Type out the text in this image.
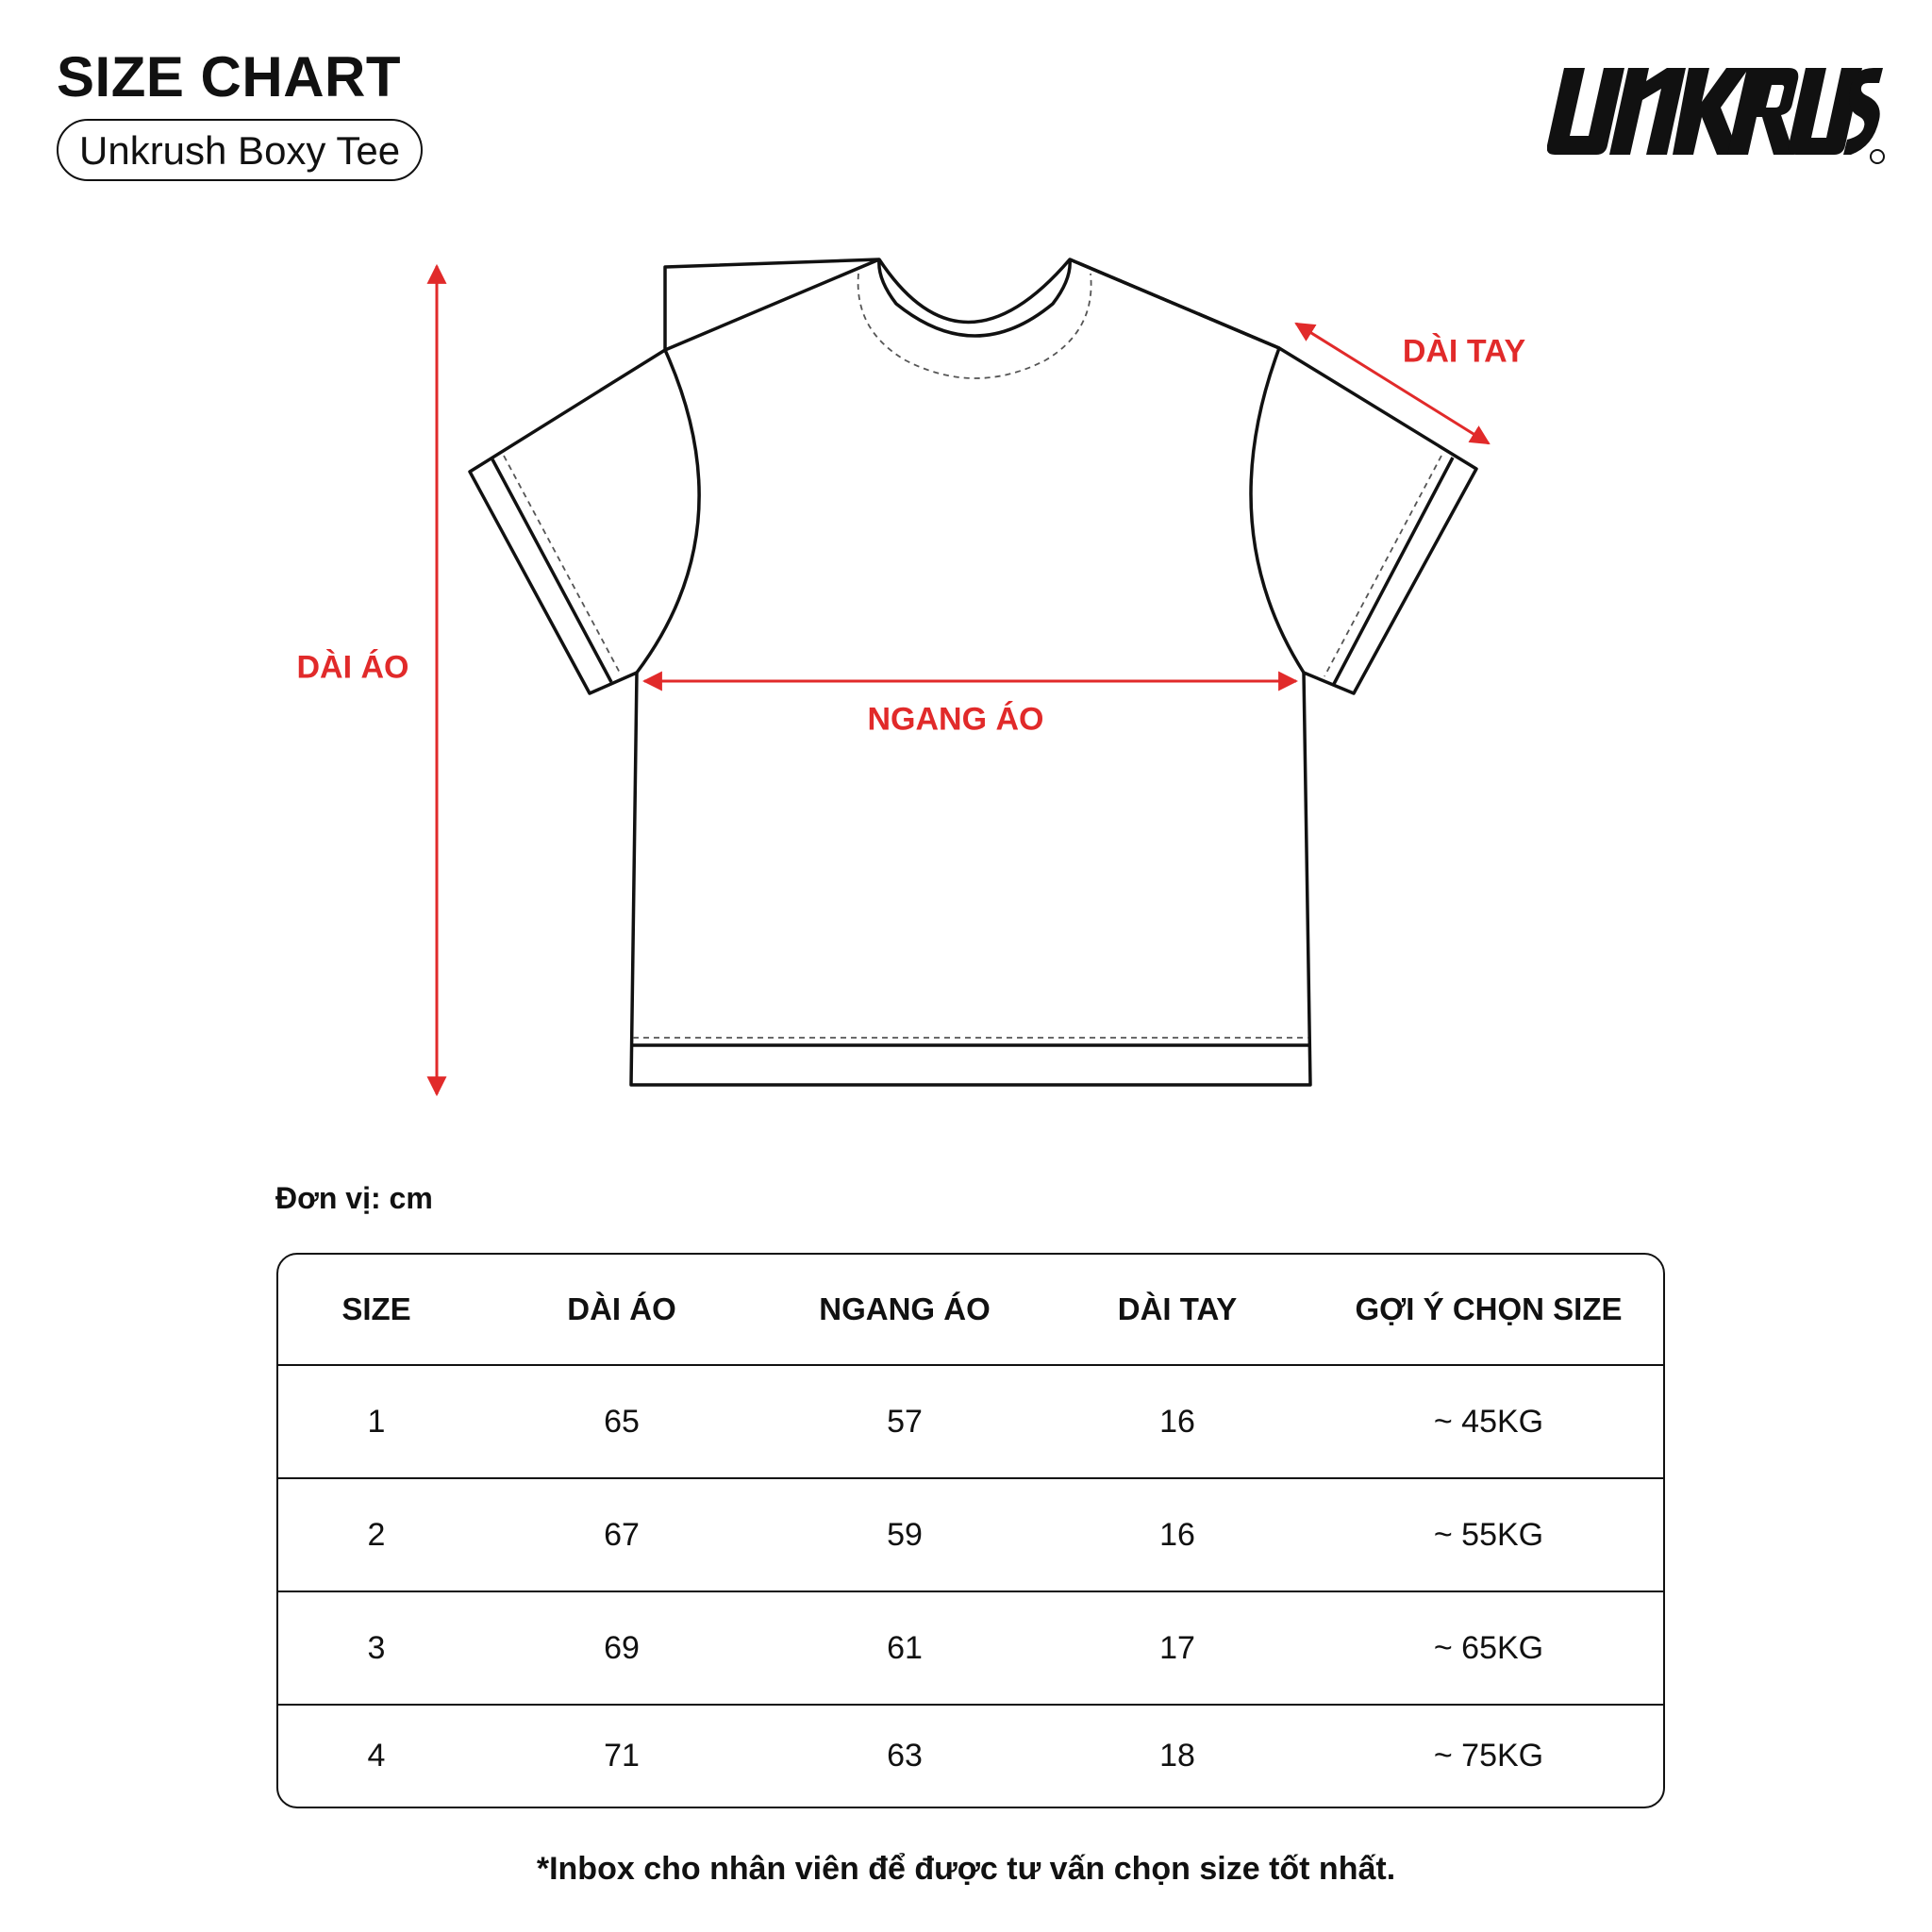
SIZE CHART
Unkrush Boxy Tee
DÀI ÁO
NGANG ÁO
DÀI TAY
Đơn vị: cm
SIZE	DÀI ÁO	NGANG ÁO	DÀI TAY	GỢI Ý CHỌN SIZE
1	65	57	16	~ 45KG
2	67	59	16	~ 55KG
3	69	61	17	~ 65KG
4	71	63	18	~ 75KG
*Inbox cho nhân viên để được tư vấn chọn size tốt nhất.
